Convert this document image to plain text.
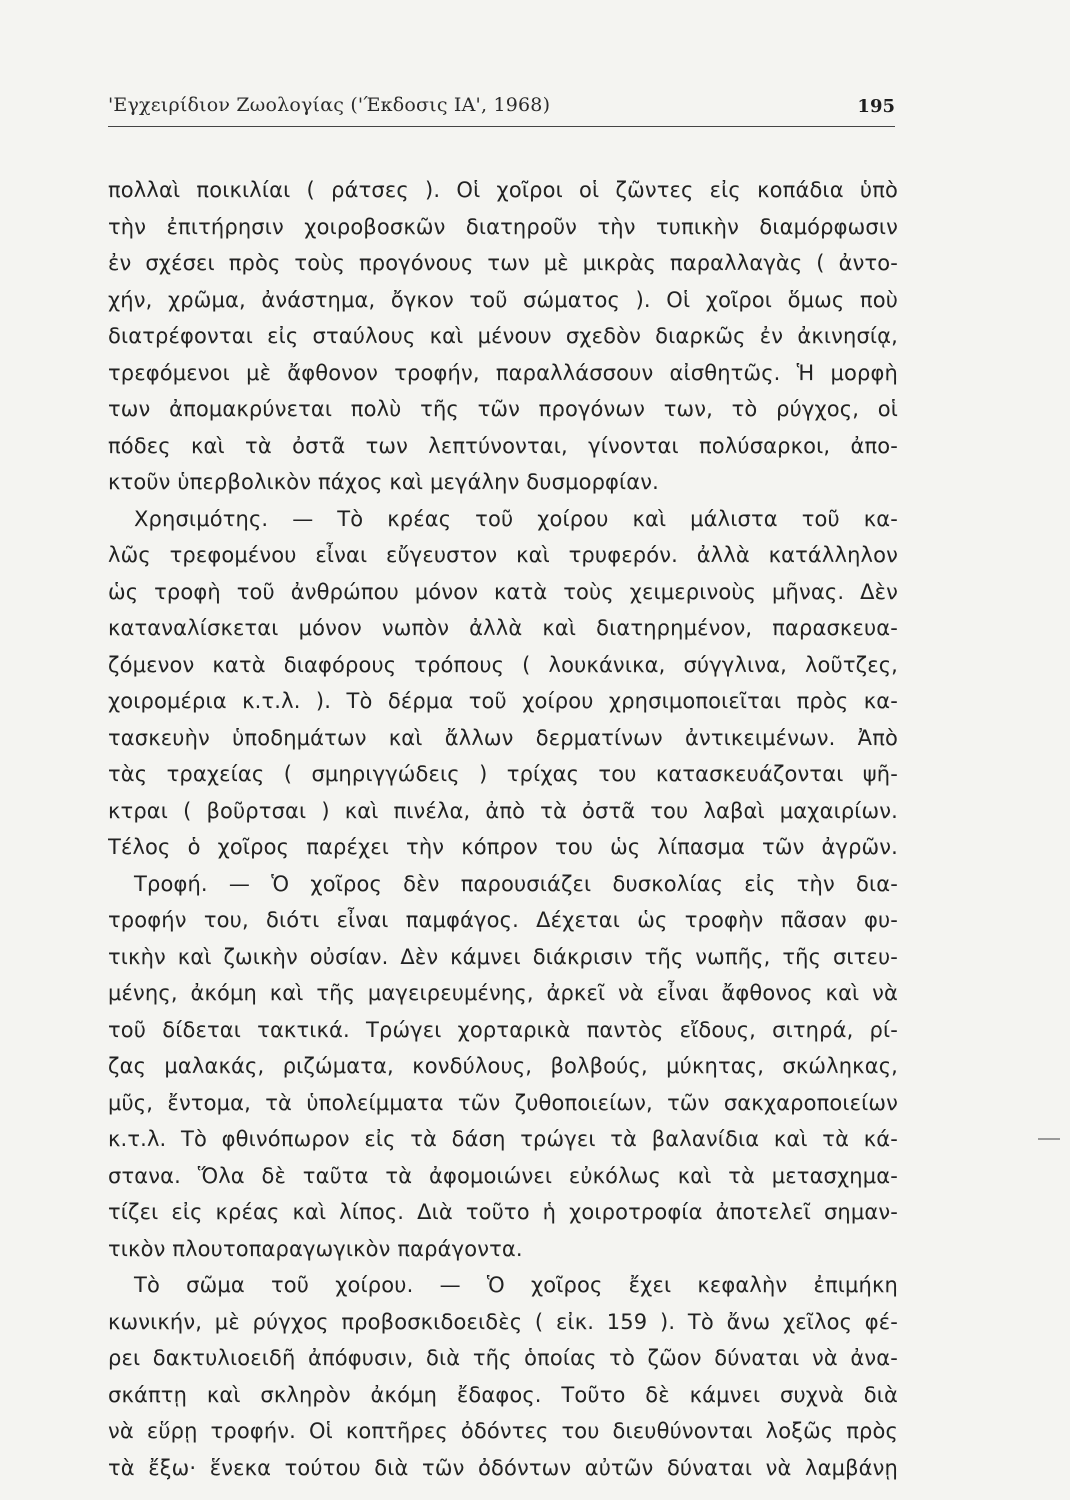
'Εγχειρίδιον Ζωολογίας ('Έκδοσις ΙΑ', 1968)	195
πολλαὶ ποικιλίαι ( ράτσες ). Οἱ χοῖροι οἱ ζῶντες εἰς κοπάδια ὑπὸ
τὴν ἐπιτήρησιν χοιροβοσκῶν διατηροῦν τὴν τυπικὴν διαμόρφωσιν
ἐν σχέσει πρὸς τοὺς προγόνους των μὲ μικρὰς παραλλαγὰς ( ἀντο-
χήν, χρῶμα, ἀνάστημα, ὄγκον τοῦ σώματος ). Οἱ χοῖροι ὅμως ποὺ
διατρέφονται εἰς σταύλους καὶ μένουν σχεδὸν διαρκῶς ἐν ἀκινησίᾳ,
τρεφόμενοι μὲ ἄφθονον τροφήν, παραλλάσσουν αἰσθητῶς. Ἡ μορφὴ
των ἀπομακρύνεται πολὺ τῆς τῶν προγόνων των, τὸ ρύγχος, οἱ
πόδες καὶ τὰ ὀστᾶ των λεπτύνονται, γίνονται πολύσαρκοι, ἀπο-
κτοῦν ὑπερβολικὸν πάχος καὶ μεγάλην δυσμορφίαν.
Χρησιμότης. — Τὸ κρέας τοῦ χοίρου καὶ μάλιστα τοῦ κα-
λῶς τρεφομένου εἶναι εὔγευστον καὶ τρυφερόν. ἀλλὰ κατάλληλον
ὡς τροφὴ τοῦ ἀνθρώπου μόνον κατὰ τοὺς χειμερινοὺς μῆνας. Δὲν
καταναλίσκεται μόνον νωπὸν ἀλλὰ καὶ διατηρημένον, παρασκευα-
ζόμενον κατὰ διαφόρους τρόπους ( λουκάνικα, σύγγλινα, λοῦτζες,
χοιρομέρια κ.τ.λ. ). Τὸ δέρμα τοῦ χοίρου χρησιμοποιεῖται πρὸς κα-
τασκευὴν ὑποδημάτων καὶ ἄλλων δερματίνων ἀντικειμένων. Ἀπὸ
τὰς τραχείας ( σμηριγγώδεις ) τρίχας του κατασκευάζονται ψῆ-
κτραι ( βοῦρτσαι ) καὶ πινέλα, ἀπὸ τὰ ὀστᾶ του λαβαὶ μαχαιρίων.
Τέλος ὁ χοῖρος παρέχει τὴν κόπρον του ὡς λίπασμα τῶν ἀγρῶν.
Τροφή. — Ὁ χοῖρος δὲν παρουσιάζει δυσκολίας εἰς τὴν δια-
τροφήν του, διότι εἶναι παμφάγος. Δέχεται ὡς τροφὴν πᾶσαν φυ-
τικὴν καὶ ζωικὴν οὐσίαν. Δὲν κάμνει διάκρισιν τῆς νωπῆς, τῆς σιτευ-
μένης, ἀκόμη καὶ τῆς μαγειρευμένης, ἀρκεῖ νὰ εἶναι ἄφθονος καὶ νὰ
τοῦ δίδεται τακτικά. Τρώγει χορταρικὰ παντὸς εἴδους, σιτηρά, ρί-
ζας μαλακάς, ριζώματα, κονδύλους, βολβούς, μύκητας, σκώληκας,
μῦς, ἔντομα, τὰ ὑπολείμματα τῶν ζυθοποιείων, τῶν σακχαροποιείων
κ.τ.λ. Τὸ φθινόπωρον εἰς τὰ δάση τρώγει τὰ βαλανίδια καὶ τὰ κά-
στανα. Ὅλα δὲ ταῦτα τὰ ἀφομοιώνει εὐκόλως καὶ τὰ μετασχημα-
τίζει εἰς κρέας καὶ λίπος. Διὰ τοῦτο ἡ χοιροτροφία ἀποτελεῖ σημαν-
τικὸν πλουτοπαραγωγικὸν παράγοντα.
Τὸ σῶμα τοῦ χοίρου. — Ὁ χοῖρος ἔχει κεφαλὴν ἐπιμήκη
κωνικήν, μὲ ρύγχος προβοσκιδοειδὲς ( εἰκ. 159 ). Τὸ ἄνω χεῖλος φέ-
ρει δακτυλιοειδῆ ἀπόφυσιν, διὰ τῆς ὁποίας τὸ ζῶον δύναται νὰ ἀνα-
σκάπτῃ καὶ σκληρὸν ἀκόμη ἔδαφος. Τοῦτο δὲ κάμνει συχνὰ διὰ
νὰ εὕρῃ τροφήν. Οἱ κοπτῆρες ὀδόντες του διευθύνονται λοξῶς πρὸς
τὰ ἔξω· ἕνεκα τούτου διὰ τῶν ὀδόντων αὐτῶν δύναται νὰ λαμβάνῃ
